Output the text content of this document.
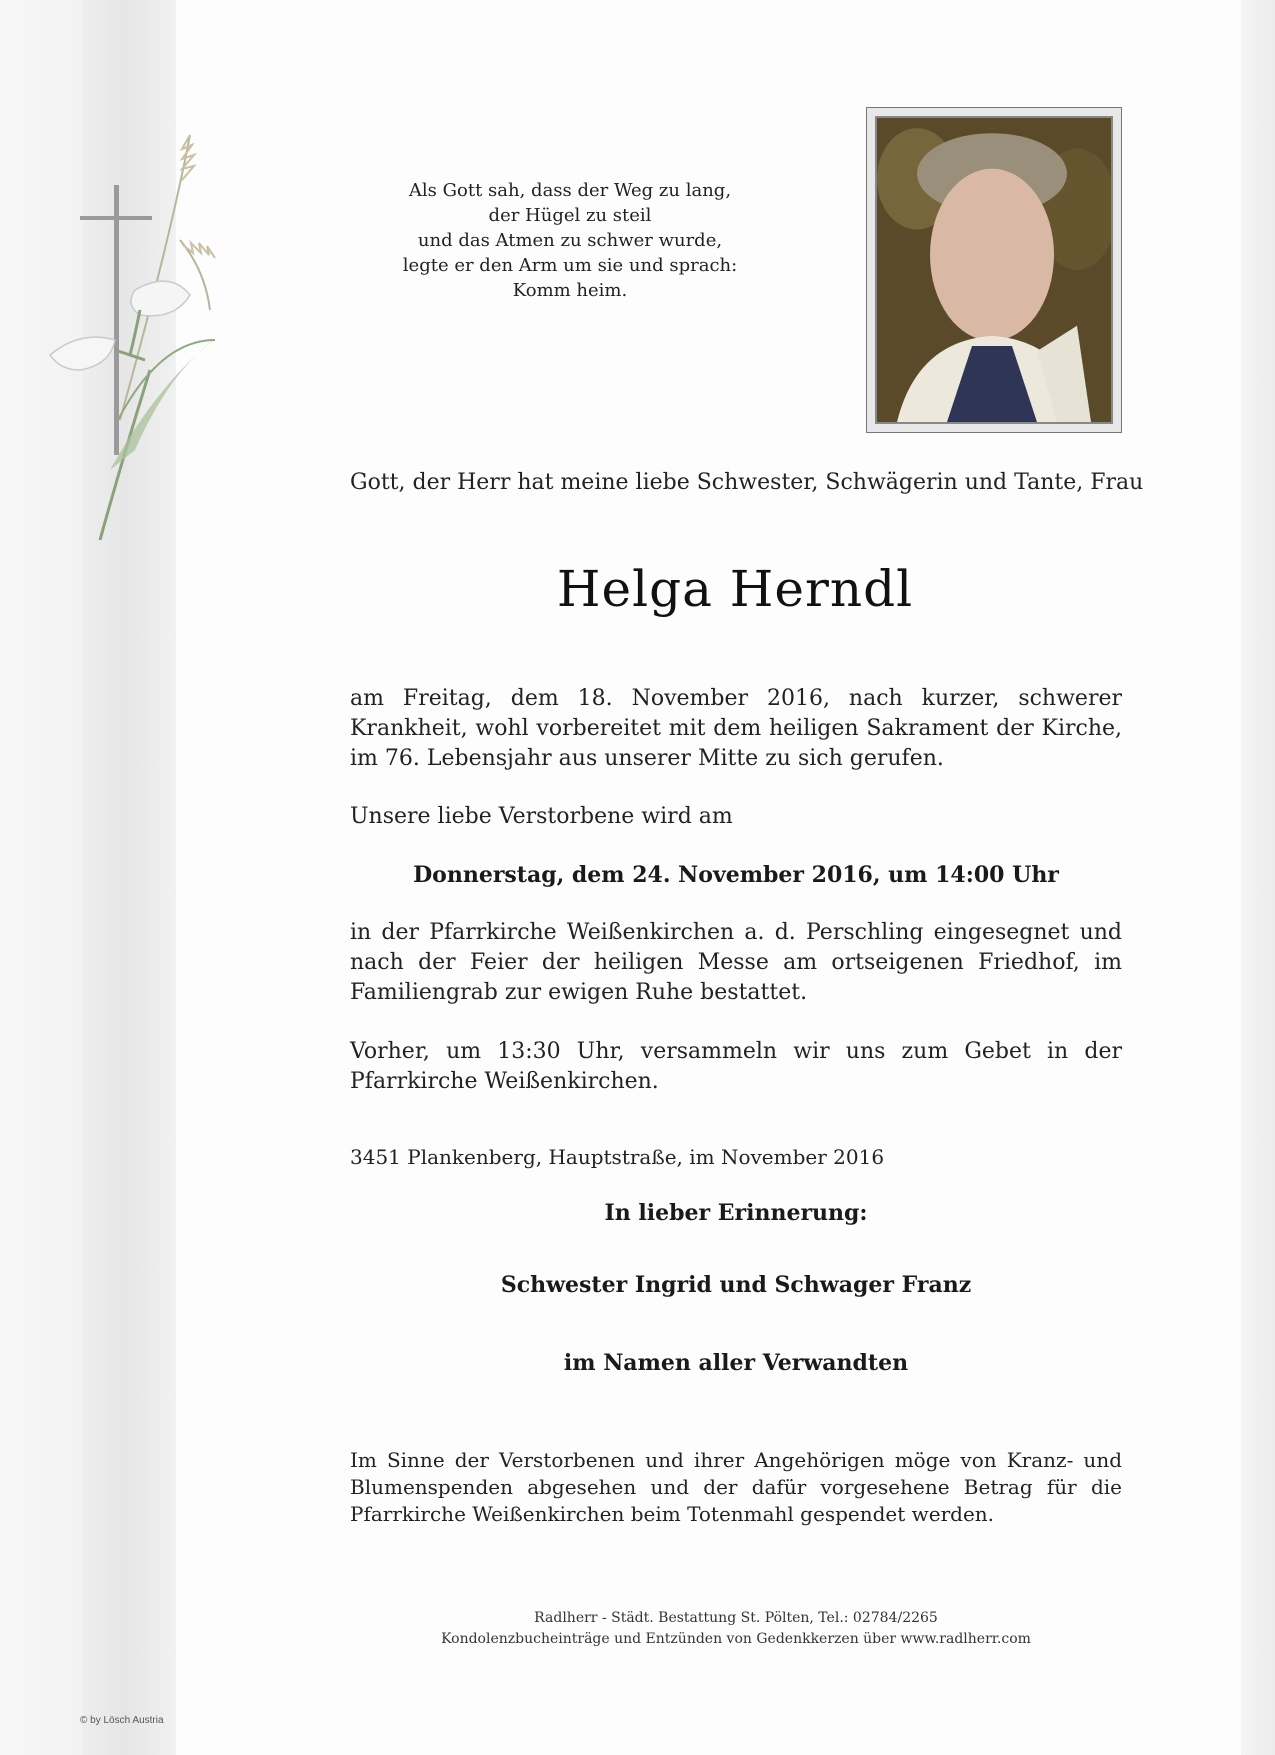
Als Gott sah, dass der Weg zu lang,
der Hügel zu steil
und das Atmen zu schwer wurde,
legte er den Arm um sie und sprach:
Komm heim.
Gott, der Herr hat meine liebe Schwester, Schwägerin und Tante, Frau
Helga Herndl
am Freitag, dem 18. November 2016, nach kurzer, schwerer Krankheit, wohl vorbereitet mit dem heiligen Sakrament der Kirche, im 76. Lebensjahr aus unserer Mitte zu sich gerufen.
Unsere liebe Verstorbene wird am
Donnerstag, dem 24. November 2016, um 14:00 Uhr
in der Pfarrkirche Weißenkirchen a. d. Perschling eingesegnet und nach der Feier der heiligen Messe am ortseigenen Friedhof, im Familiengrab zur ewigen Ruhe bestattet.
Vorher, um 13:30 Uhr, versammeln wir uns zum Gebet in der Pfarrkirche Weißenkirchen.
3451 Plankenberg, Hauptstraße, im November 2016
In lieber Erinnerung:
Schwester Ingrid und Schwager Franz
im Namen aller Verwandten
Im Sinne der Verstorbenen und ihrer Angehörigen möge von Kranz- und Blumenspenden abgesehen und der dafür vorgesehene Betrag für die Pfarrkirche Weißenkirchen beim Totenmahl gespendet werden.
Radlherr - Städt. Bestattung St. Pölten, Tel.: 02784/2265
Kondolenzbucheinträge und Entzünden von Gedenkkerzen über www.radlherr.com
© by Lösch Austria
